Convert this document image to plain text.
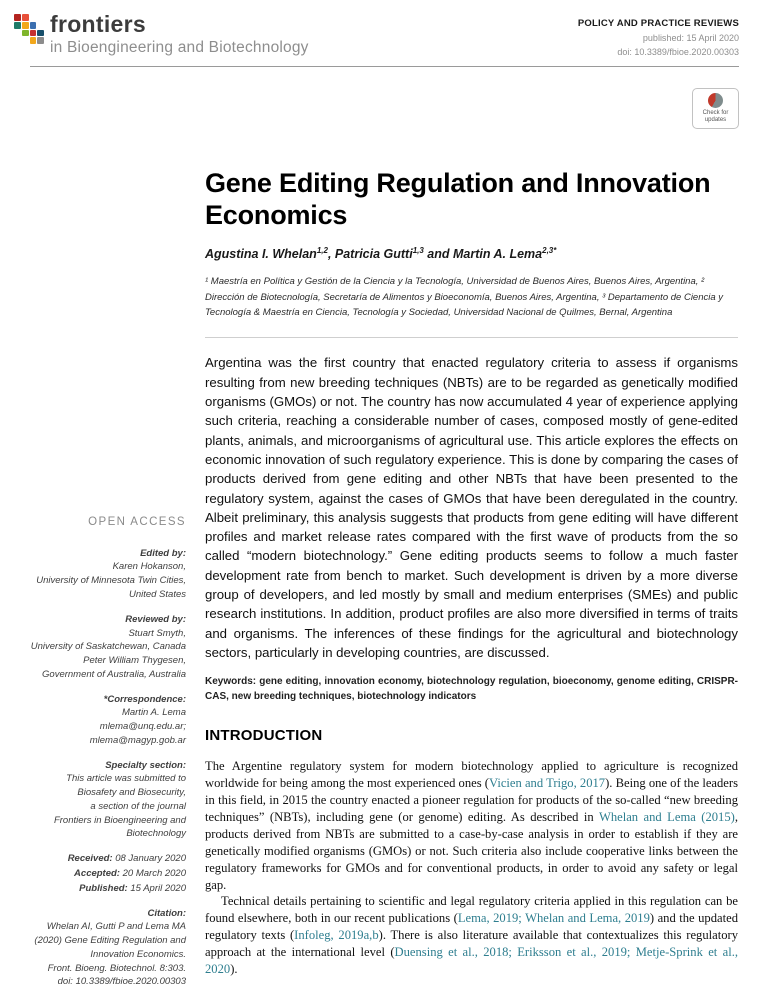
frontiers
in Bioengineering and Biotechnology
POLICY AND PRACTICE REVIEWS
published: 15 April 2020
doi: 10.3389/fbioe.2020.00303
Check for updates
OPEN ACCESS
Edited by:
Karen Hokanson,
University of Minnesota Twin Cities,
United States
Reviewed by:
Stuart Smyth,
University of Saskatchewan, Canada
Peter William Thygesen,
Government of Australia, Australia
*Correspondence:
Martin A. Lema
mlema@unq.edu.ar;
mlema@magyp.gob.ar
Specialty section:
This article was submitted to
Biosafety and Biosecurity,
a section of the journal
Frontiers in Bioengineering and
Biotechnology
Received: 08 January 2020
Accepted: 20 March 2020
Published: 15 April 2020
Citation:
Whelan AI, Gutti P and Lema MA
(2020) Gene Editing Regulation and
Innovation Economics.
Front. Bioeng. Biotechnol. 8:303.
doi: 10.3389/fbioe.2020.00303
Gene Editing Regulation and Innovation Economics
Agustina I. Whelan$^{1,2}$, Patricia Gutti$^{1,3}$ and Martin A. Lema$^{2,3*}$
¹ Maestría en Política y Gestión de la Ciencia y la Tecnología, Universidad de Buenos Aires, Buenos Aires, Argentina, ² Dirección de Biotecnología, Secretaría de Alimentos y Bioeconomía, Buenos Aires, Argentina, ³ Departamento de Ciencia y Tecnología & Maestría en Ciencia, Tecnología y Sociedad, Universidad Nacional de Quilmes, Bernal, Argentina

Argentina was the first country that enacted regulatory criteria to assess if organisms resulting from new breeding techniques (NBTs) are to be regarded as genetically modified organisms (GMOs) or not. The country has now accumulated 4 year of experience applying such criteria, reaching a considerable number of cases, composed mostly of gene-edited plants, animals, and microorganisms of agricultural use. This article explores the effects on economic innovation of such regulatory experience. This is done by comparing the cases of products derived from gene editing and other NBTs that have been presented to the regulatory system, against the cases of GMOs that have been deregulated in the country. Albeit preliminary, this analysis suggests that products from gene editing will have different profiles and market release rates compared with the first wave of products from the so called “modern biotechnology.” Gene editing products seems to follow a much faster development rate from bench to market. Such development is driven by a more diverse group of developers, and led mostly by small and medium enterprises (SMEs) and public research institutions. In addition, product profiles are also more diversified in terms of traits and organisms. The inferences of these findings for the agricultural and biotechnology sectors, particularly in developing countries, are discussed.

Keywords: gene editing, innovation economy, biotechnology regulation, bioeconomy, genome editing, CRISPR-CAS, new breeding techniques, biotechnology indicators

INTRODUCTION

The Argentine regulatory system for modern biotechnology applied to agriculture is recognized worldwide for being among the most experienced ones (Vicien and Trigo, 2017). Being one of the leaders in this field, in 2015 the country enacted a pioneer regulation for products of the so-called “new breeding techniques” (NBTs), including gene (or genome) editing. As described in Whelan and Lema (2015), products derived from NBTs are submitted to a case-by-case analysis in order to establish if they are genetically modified organisms (GMOs) or not. Such criteria also include cooperative links between the regulatory frameworks for GMOs and for conventional products, in order to avoid any safety or legal gap.

Technical details pertaining to scientific and legal regulatory criteria applied in this regulation can be found elsewhere, both in our recent publications (Lema, 2019; Whelan and Lema, 2019) and the updated regulatory texts (Infoleg, 2019a,b). There is also literature available that contextualizes this regulatory approach at the international level (Duensing et al., 2018; Eriksson et al., 2019; Metje-Sprink et al., 2020).
